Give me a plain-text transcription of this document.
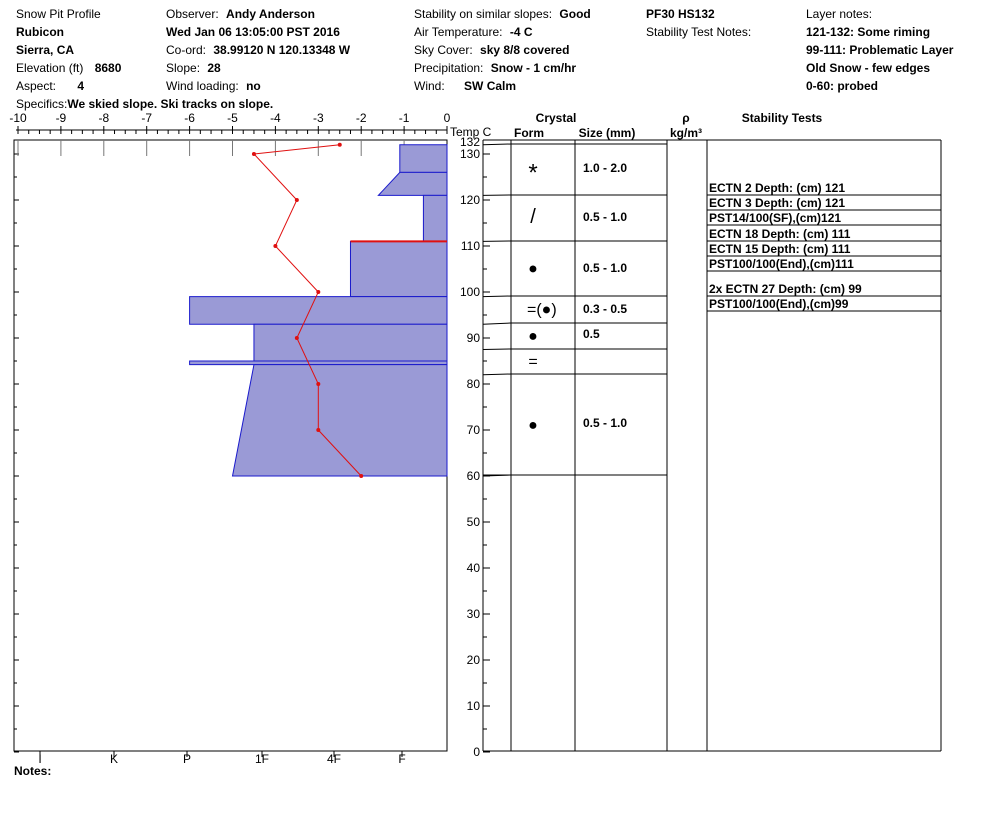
Snow Pit Profile
Rubicon
Sierra, CA
Elevation (ft) 8680
Aspect: 4
Specifics:We skied slope. Ski tracks on slope.
Observer: Andy Anderson
Wed Jan 06 13:05:00 PST 2016
Co-ord: 38.99120 N 120.13348 W
Slope: 28
Wind loading: no
Stability on similar slopes: Good
Air Temperature: -4 C
Sky Cover: sky 8/8 covered
Precipitation: Snow - 1 cm/hr
Wind: SW Calm
PF30 HS132
Stability Test Notes:
Layer notes:
121-132: Some riming
99-111: Problematic Layer
Old Snow - few edges
0-60: probed
-10 -9	-8	-7	-6	-5	-4	-3	-2	-1	0
Temp C
I	K	P	1F	4F	F	0
10
20
30
40
50
60
70
80
90
100
110
120
130
132
Crystal
Form	Size (mm)
ρ
kg/m³
Stability Tests
*	1.0 - 2.0
/	0.5 - 1.0
●	0.5 - 1.0
=(●) 0.3 - 0.5
●	0.5
=
●	0.5 - 1.0
ECTN 2 Depth: (cm) 121
ECTN 3 Depth: (cm) 121
PST14/100(SF),(cm)121
ECTN 18 Depth: (cm) 111
ECTN 15 Depth: (cm) 111
PST100/100(End),(cm)111
2x ECTN 27 Depth: (cm) 99
PST100/100(End),(cm)99
Notes:
